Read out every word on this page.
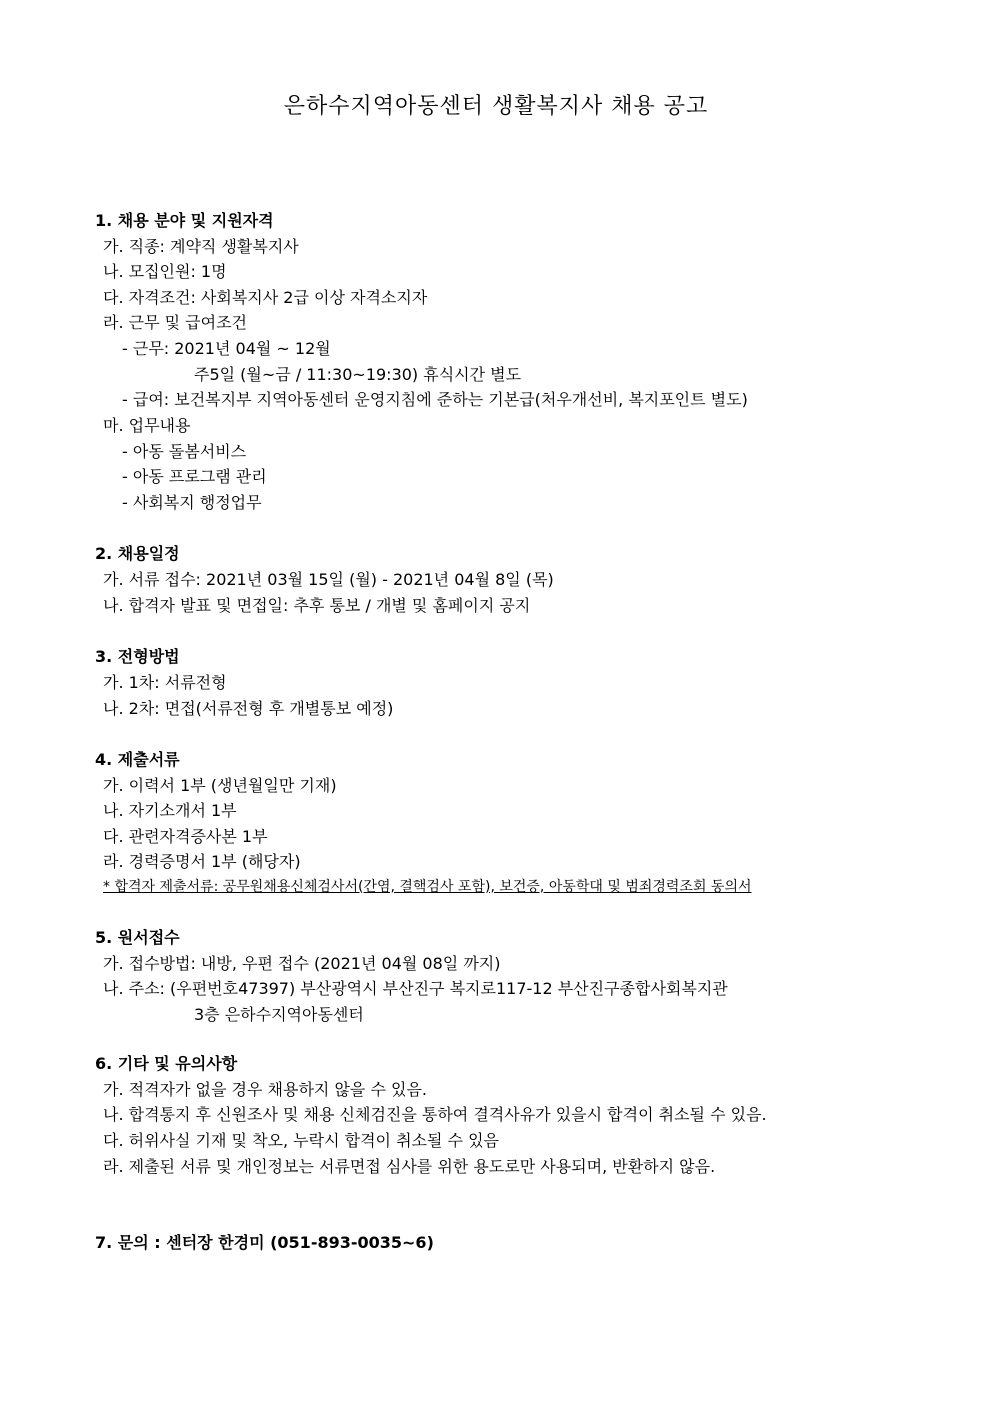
은하수지역아동센터 생활복지사 채용 공고
1. 채용 분야 및 지원자격
가. 직종: 계약직 생활복지사
나. 모집인원: 1명
다. 자격조건: 사회복지사 2급 이상 자격소지자
라. 근무 및 급여조건
- 근무: 2021년 04월 ~ 12월
주5일 (월~금 / 11:30~19:30) 휴식시간 별도
- 급여: 보건복지부 지역아동센터 운영지침에 준하는 기본급(처우개선비, 복지포인트 별도)
마. 업무내용
- 아동 돌봄서비스
- 아동 프로그램 관리
- 사회복지 행정업무
2. 채용일정
가. 서류 접수: 2021년 03월 15일 (월) - 2021년 04월 8일 (목)
나. 합격자 발표 및 면접일: 추후 통보 / 개별 및 홈페이지 공지
3. 전형방법
가. 1차: 서류전형
나. 2차: 면접(서류전형 후 개별통보 예정)
4. 제출서류
가. 이력서 1부 (생년월일만 기재)
나. 자기소개서 1부
다. 관련자격증사본 1부
라. 경력증명서 1부 (해당자)
* 합격자 제출서류: 공무원채용신체검사서(간염, 결핵검사 포함), 보건증, 아동학대 및 범죄경력조회 동의서
5. 원서접수
가. 접수방법: 내방, 우편 접수 (2021년 04월 08일 까지)
나. 주소: (우편번호47397) 부산광역시 부산진구 복지로117-12 부산진구종합사회복지관
3층 은하수지역아동센터
6. 기타 및 유의사항
가. 적격자가 없을 경우 채용하지 않을 수 있음.
나. 합격통지 후 신원조사 및 채용 신체검진을 통하여 결격사유가 있을시 합격이 취소될 수 있음.
다. 허위사실 기재 및 착오, 누락시 합격이 취소될 수 있음
라. 제출된 서류 및 개인정보는 서류면접 심사를 위한 용도로만 사용되며, 반환하지 않음.
7. 문의 : 센터장 한경미 (051-893-0035~6)
